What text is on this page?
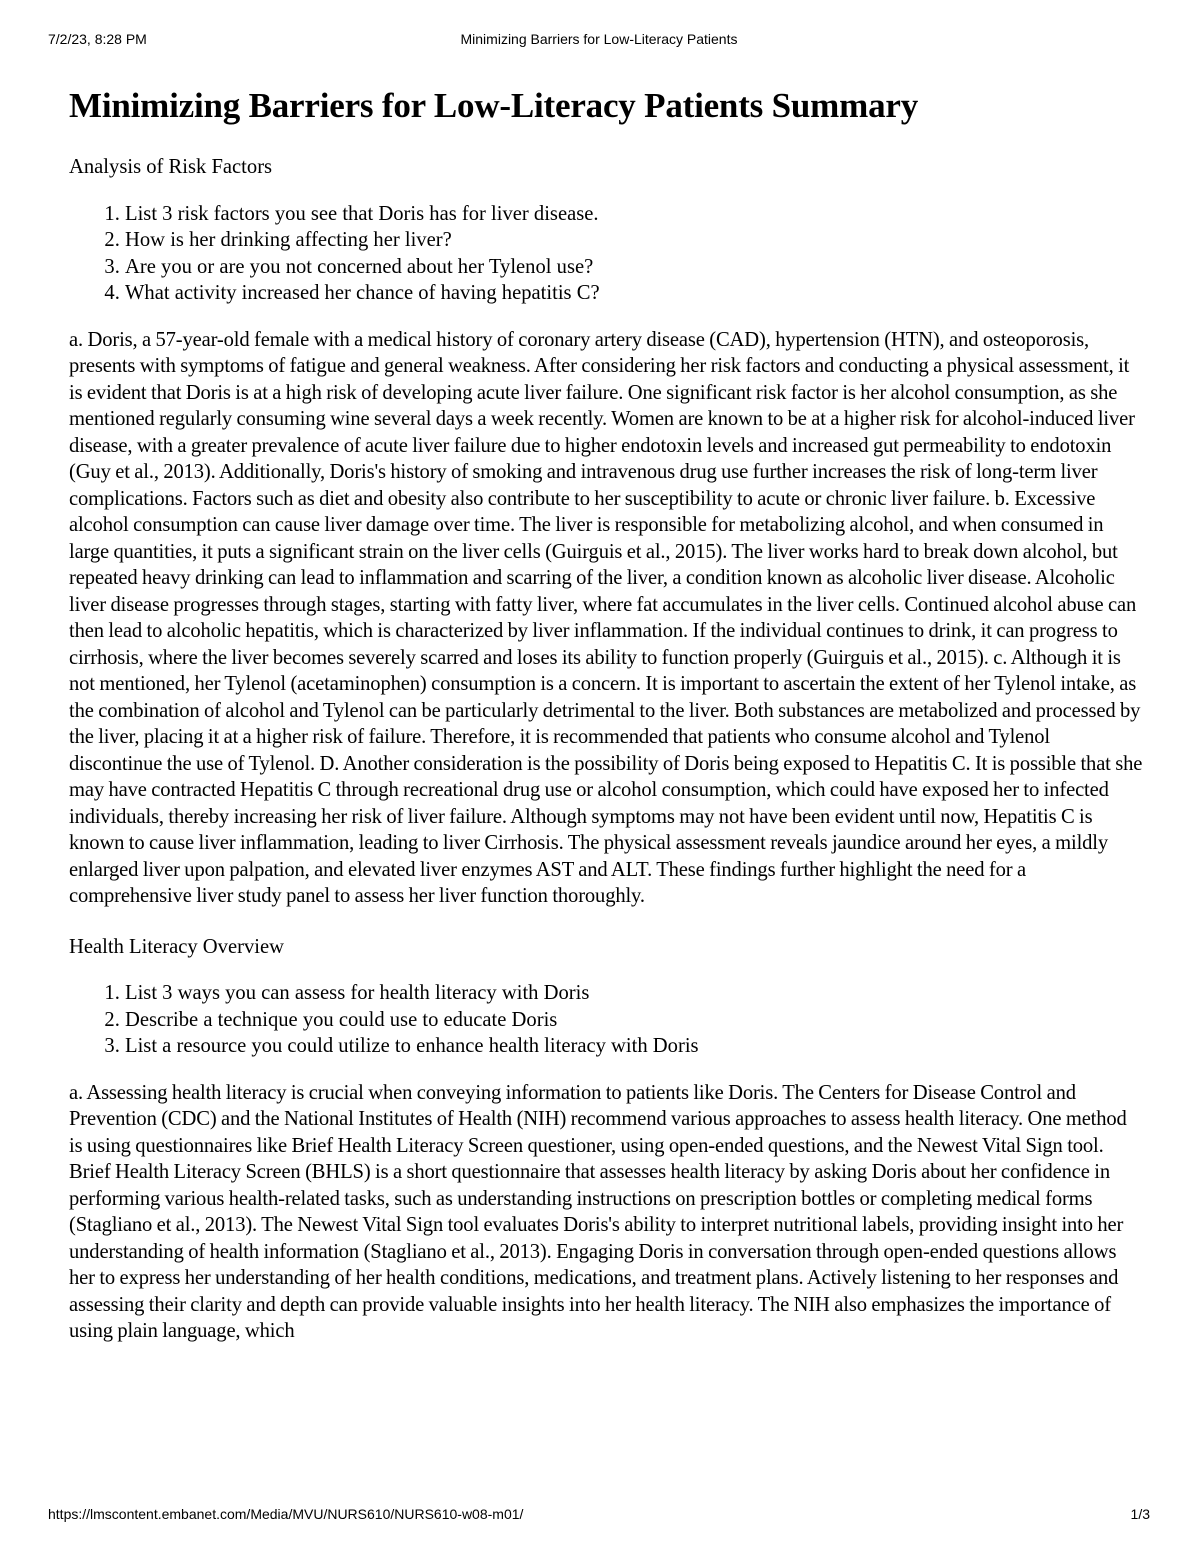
7/2/23, 8:28 PM	Minimizing Barriers for Low-Literacy Patients
Minimizing Barriers for Low-Literacy Patients Summary
Analysis of Risk Factors
1. List 3 risk factors you see that Doris has for liver disease.
2. How is her drinking affecting her liver?
3. Are you or are you not concerned about her Tylenol use?
4. What activity increased her chance of having hepatitis C?
a. Doris, a 57-year-old female with a medical history of coronary artery disease (CAD), hypertension (HTN), and osteoporosis, presents with symptoms of fatigue and general weakness. After considering her risk factors and conducting a physical assessment, it is evident that Doris is at a high risk of developing acute liver failure. One significant risk factor is her alcohol consumption, as she mentioned regularly consuming wine several days a week recently. Women are known to be at a higher risk for alcohol-induced liver disease, with a greater prevalence of acute liver failure due to higher endotoxin levels and increased gut permeability to endotoxin (Guy et al., 2013). Additionally, Doris's history of smoking and intravenous drug use further increases the risk of long-term liver complications. Factors such as diet and obesity also contribute to her susceptibility to acute or chronic liver failure. b. Excessive alcohol consumption can cause liver damage over time. The liver is responsible for metabolizing alcohol, and when consumed in large quantities, it puts a significant strain on the liver cells (Guirguis et al., 2015). The liver works hard to break down alcohol, but repeated heavy drinking can lead to inflammation and scarring of the liver, a condition known as alcoholic liver disease. Alcoholic liver disease progresses through stages, starting with fatty liver, where fat accumulates in the liver cells. Continued alcohol abuse can then lead to alcoholic hepatitis, which is characterized by liver inflammation. If the individual continues to drink, it can progress to cirrhosis, where the liver becomes severely scarred and loses its ability to function properly (Guirguis et al., 2015). c. Although it is not mentioned, her Tylenol (acetaminophen) consumption is a concern. It is important to ascertain the extent of her Tylenol intake, as the combination of alcohol and Tylenol can be particularly detrimental to the liver. Both substances are metabolized and processed by the liver, placing it at a higher risk of failure. Therefore, it is recommended that patients who consume alcohol and Tylenol discontinue the use of Tylenol. D. Another consideration is the possibility of Doris being exposed to Hepatitis C. It is possible that she may have contracted Hepatitis C through recreational drug use or alcohol consumption, which could have exposed her to infected individuals, thereby increasing her risk of liver failure. Although symptoms may not have been evident until now, Hepatitis C is known to cause liver inflammation, leading to liver Cirrhosis. The physical assessment reveals jaundice around her eyes, a mildly enlarged liver upon palpation, and elevated liver enzymes AST and ALT. These findings further highlight the need for a comprehensive liver study panel to assess her liver function thoroughly.
Health Literacy Overview
1. List 3 ways you can assess for health literacy with Doris
2. Describe a technique you could use to educate Doris
3. List a resource you could utilize to enhance health literacy with Doris
a. Assessing health literacy is crucial when conveying information to patients like Doris. The Centers for Disease Control and Prevention (CDC) and the National Institutes of Health (NIH) recommend various approaches to assess health literacy. One method is using questionnaires like Brief Health Literacy Screen questioner, using open-ended questions, and the Newest Vital Sign tool. Brief Health Literacy Screen (BHLS) is a short questionnaire that assesses health literacy by asking Doris about her confidence in performing various health-related tasks, such as understanding instructions on prescription bottles or completing medical forms (Stagliano et al., 2013). The Newest Vital Sign tool evaluates Doris's ability to interpret nutritional labels, providing insight into her understanding of health information (Stagliano et al., 2013). Engaging Doris in conversation through open-ended questions allows her to express her understanding of her health conditions, medications, and treatment plans. Actively listening to her responses and assessing their clarity and depth can provide valuable insights into her health literacy. The NIH also emphasizes the importance of using plain language, which
https://lmscontent.embanet.com/Media/MVU/NURS610/NURS610-w08-m01/	1/3
